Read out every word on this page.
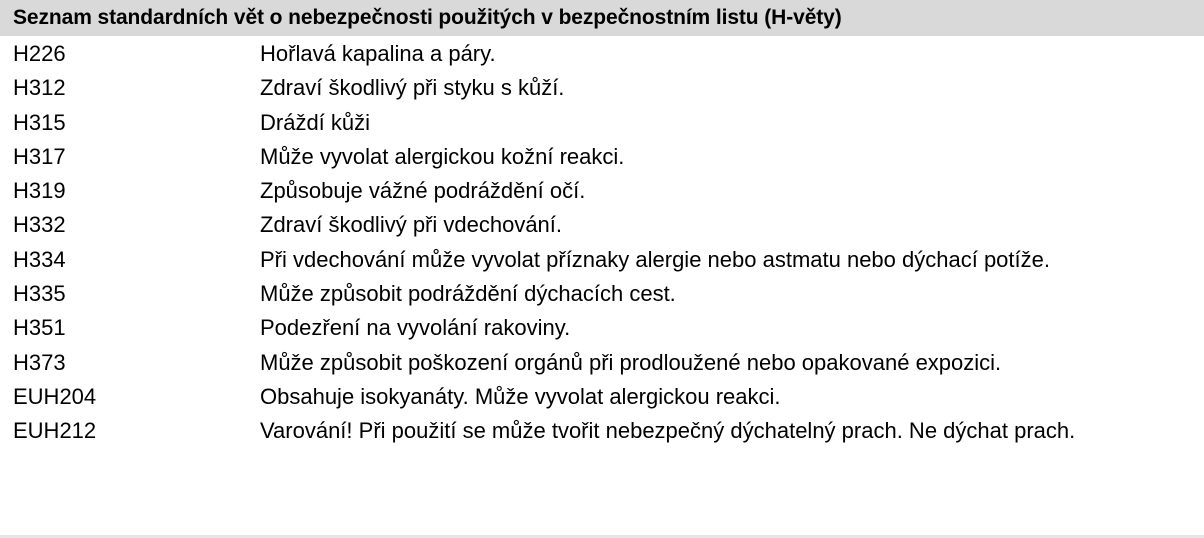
Seznam standardních vět o nebezpečnosti použitých v bezpečnostním listu (H-věty)
H226	Hořlavá kapalina a páry.
H312	Zdraví škodlivý při styku s kůží.
H315	Dráždí kůži
H317	Může vyvolat alergickou kožní reakci.
H319	Způsobuje vážné podráždění očí.
H332	Zdraví škodlivý při vdechování.
H334	Při vdechování může vyvolat příznaky alergie nebo astmatu nebo dýchací potíže.
H335	Může způsobit podráždění dýchacích cest.
H351	Podezření na vyvolání rakoviny.
H373	Může způsobit poškození orgánů při prodloužené nebo opakované expozici.
EUH204	Obsahuje isokyanáty. Může vyvolat alergickou reakci.
EUH212	Varování! Při použití se může tvořit nebezpečný dýchatelný prach. Ne dýchat prach.
